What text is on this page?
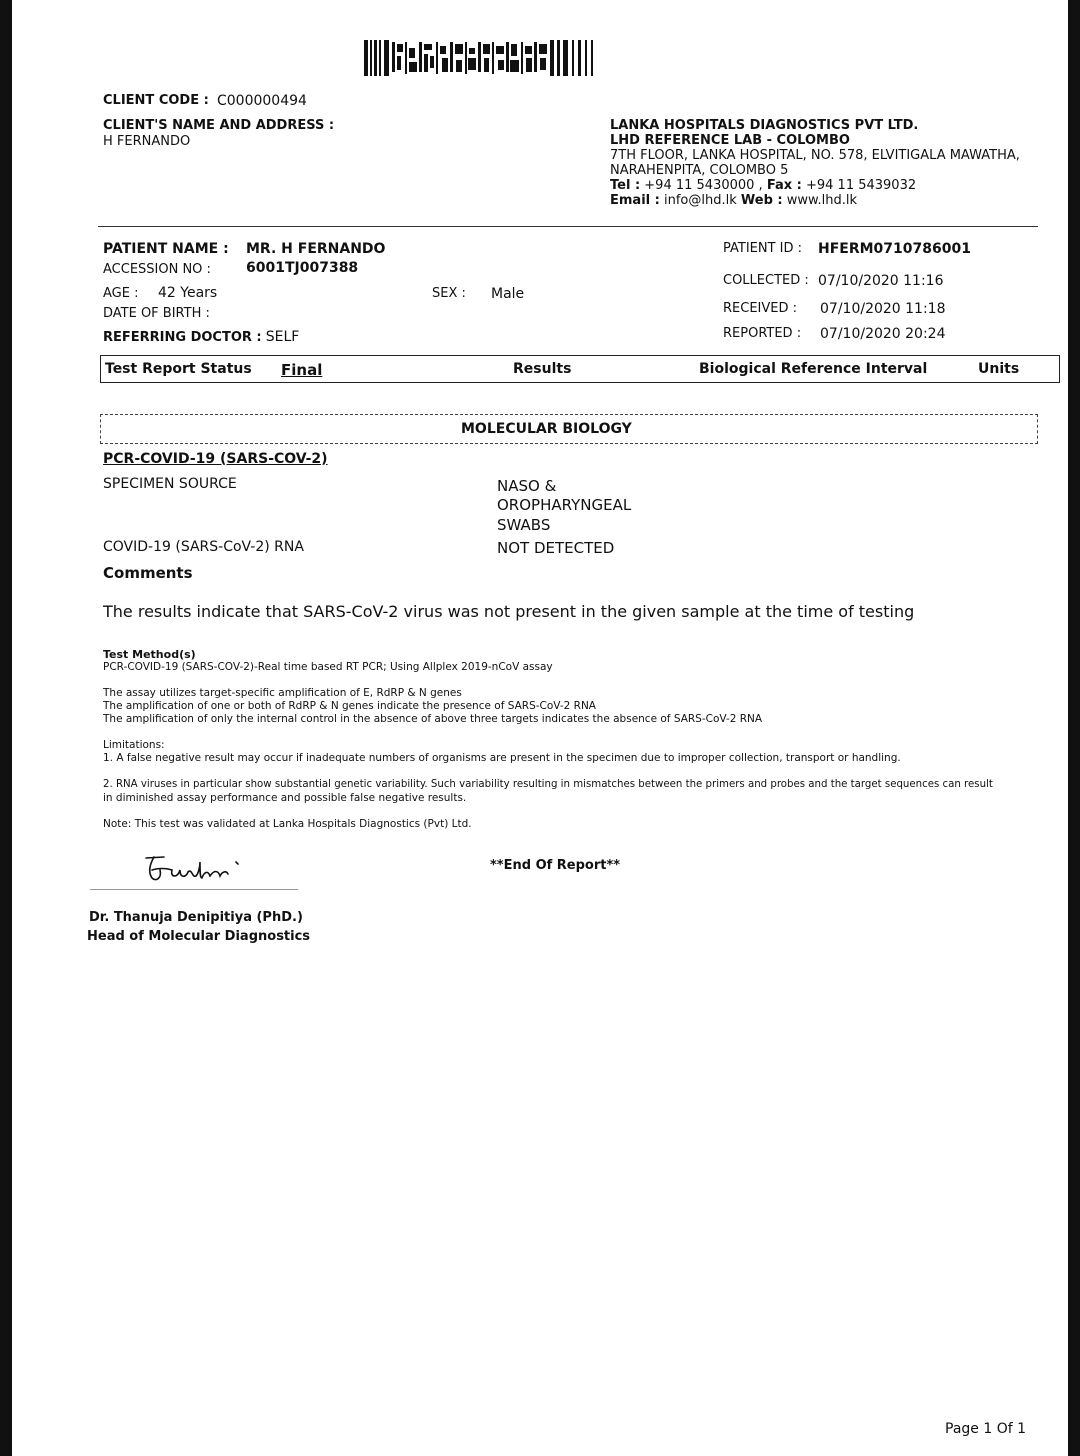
CLIENT CODE : C000000494
CLIENT'S NAME AND ADDRESS :
H FERNANDO
LANKA HOSPITALS DIAGNOSTICS PVT LTD.
LHD REFERENCE LAB - COLOMBO
7TH FLOOR, LANKA HOSPITAL, NO. 578, ELVITIGALA MAWATHA,
NARAHENPITA, COLOMBO 5
Tel : +94 11 5430000 , Fax : +94 11 5439032
Email : info@lhd.lk Web : www.lhd.lk
PATIENT NAME : MR. H FERNANDO
ACCESSION NO :	6001TJ007388
AGE : 42 Years	SEX : Male
DATE OF BIRTH :
REFERRING DOCTOR : SELF
PATIENT ID : HFERM0710786001
COLLECTED : 07/10/2020 11:16
RECEIVED : 07/10/2020 11:18
REPORTED : 07/10/2020 20:24
Test Report Status Final	Results	Biological Reference Interval	Units
MOLECULAR BIOLOGY
PCR-COVID-19 (SARS-COV-2)
SPECIMEN SOURCE	NASO &
OROPHARYNGEAL
SWABS
COVID-19 (SARS-CoV-2) RNA	NOT DETECTED
Comments
The results indicate that SARS-CoV-2 virus was not present in the given sample at the time of testing
Test Method(s)
PCR-COVID-19 (SARS-COV-2)-Real time based RT PCR; Using Allplex 2019-nCoV assay
The assay utilizes target-specific amplification of E, RdRP & N genes
The amplification of one or both of RdRP & N genes indicate the presence of SARS-CoV-2 RNA
The amplification of only the internal control in the absence of above three targets indicates the absence of SARS-CoV-2 RNA
Limitations:
1. A false negative result may occur if inadequate numbers of organisms are present in the specimen due to improper collection, transport or handling.
2. RNA viruses in particular show substantial genetic variability. Such variability resulting in mismatches between the primers and probes and the target sequences can result
in diminished assay performance and possible false negative results.
Note: This test was validated at Lanka Hospitals Diagnostics (Pvt) Ltd.
**End Of Report**
Dr. Thanuja Denipitiya (PhD.)
Head of Molecular Diagnostics
Page 1 Of 1
